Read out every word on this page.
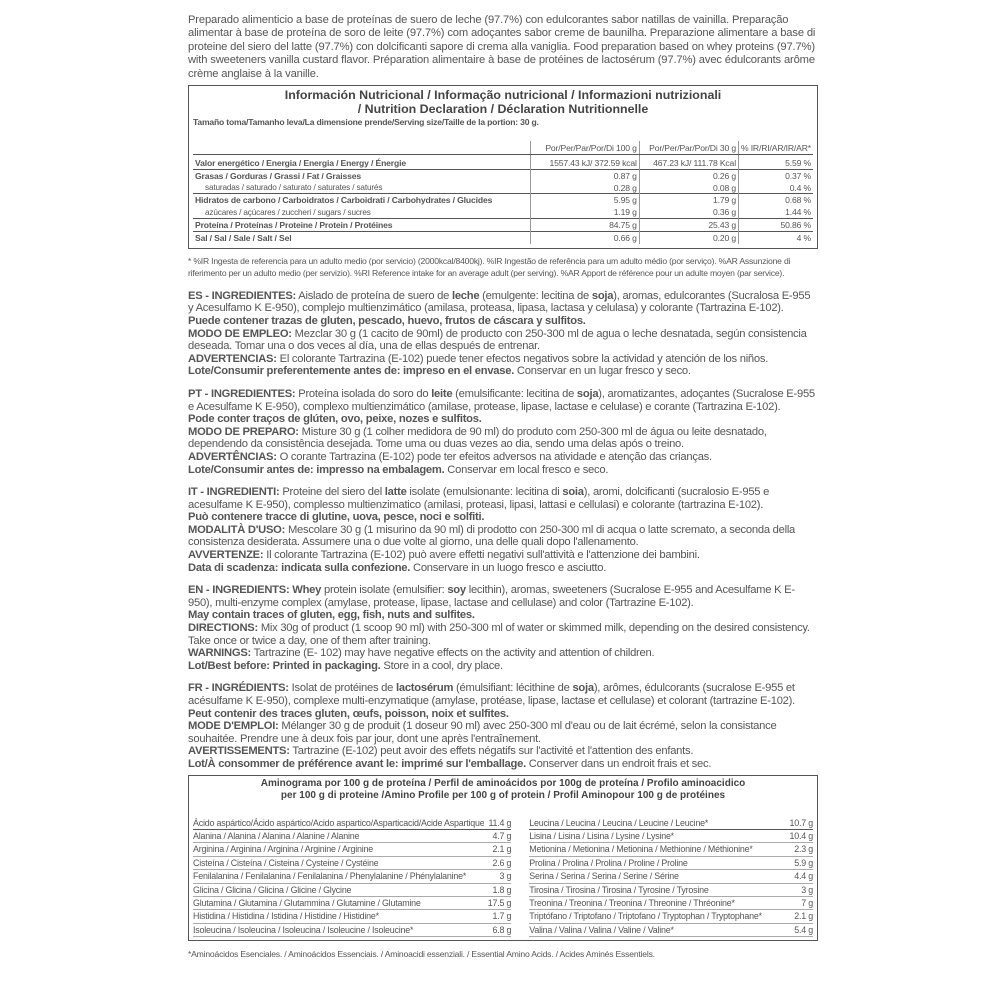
Preparado alimenticio a base de proteínas de suero de leche (97.7%) con edulcorantes sabor natillas de vainilla. Preparação alimentar à base de proteína de soro de leite (97.7%) com adoçantes sabor creme de baunilha. Preparazione alimentare a base di proteine del siero del latte (97.7%) con dolcificanti sapore di crema alla vaniglia. Food preparation based on whey proteins (97.7%) with sweeteners vanilla custard flavor. Préparation alimentaire à base de protéines de lactosérum (97.7%) avec édulcorants arôme crème anglaise à la vanille.

Información Nutricional / Informação nutricional / Informazioni nutrizionali
/ Nutrition Declaration / Déclaration Nutritionnelle
Tamaño toma/Tamanho leva/La dimensione prende/Serving size/Taille de la portion: 30 g.
	Por/Per/Par/Por/Di 100 g	Por/Per/Par/Por/Di 30 g	% IR/RI/AR/IR/AR*
Valor energético / Energia / Energia / Energy / Énergie	1557.43 kJ/ 372.59 kcal	467.23 kJ/ 111.78 Kcal	5.59 %
Grasas / Gorduras / Grassi / Fat / Graisses	0.87 g	0.26 g	0.37 %
saturadas / saturado / saturato / saturates / saturés	0.28 g	0.08 g	0.4 %
Hidratos de carbono / Carboidratos / Carboidrati / Carbohydrates / Glucides	5.95 g	1.79 g	0.68 %
azúcares / açúcares / zuccheri / sugars / sucres	1.19 g	0.36 g	1.44 %
Proteína / Proteínas / Proteine / Protein / Protéines	84.75 g	25.43 g	50.86 %
Sal / Sal / Sale / Salt / Sel	0.66 g	0.20 g	4 %
* %IR Ingesta de referencia para un adulto medio (por servicio) (2000kcal/8400kj). %IR Ingestão de referência para um adulto médio (por serviço). %AR Assunzione di riferimento per un adulto medio (per servizio). %RI Reference intake for an average adult (per serving). %AR Apport de référence pour un adulte moyen (par service).

ES - INGREDIENTES: Aislado de proteína de suero de leche (emulgente: lecitina de soja), aromas, edulcorantes (Sucralosa E-955 y Acesulfamo K E-950), complejo multienzimático (amilasa, proteasa, lipasa, lactasa y celulasa) y colorante (Tartrazina E-102).

Puede contener trazas de gluten, pescado, huevo, frutos de cáscara y sulfitos.

MODO DE EMPLEO: Mezclar 30 g (1 cacito de 90ml) de producto con 250-300 ml de agua o leche desnatada, según consistencia deseada. Tomar una o dos veces al día, una de ellas después de entrenar.

ADVERTENCIAS: El colorante Tartrazina (E-102) puede tener efectos negativos sobre la actividad y atención de los niños.

Lote/Consumir preferentemente antes de: impreso en el envase. Conservar en un lugar fresco y seco.

PT - INGREDIENTES: Proteína isolada do soro do leite (emulsificante: lecitina de soja), aromatizantes, adoçantes (Sucralose E-955 e Acesulfame K E-950), complexo multienzimático (amilase, protease, lipase, lactase e celulase) e corante (Tartrazina E-102).

Pode conter traços de glúten, ovo, peixe, nozes e sulfitos.

MODO DE PREPARO: Misture 30 g (1 colher medidora de 90 ml) do produto com 250-300 ml de água ou leite desnatado, dependendo da consistência desejada. Tome uma ou duas vezes ao dia, sendo uma delas após o treino.

ADVERTÊNCIAS: O corante Tartrazina (E-102) pode ter efeitos adversos na atividade e atenção das crianças.

Lote/Consumir antes de: impresso na embalagem. Conservar em local fresco e seco.

IT - INGREDIENTI: Proteine del siero del latte isolate (emulsionante: lecitina di soia), aromi, dolcificanti (sucralosio E-955 e acesulfame K E-950), complesso multienzimatico (amilasi, proteasi, lipasi, lattasi e cellulasi) e colorante (tartrazina E-102).

Può contenere tracce di glutine, uova, pesce, noci e solfiti.

MODALITÀ D'USO: Mescolare 30 g (1 misurino da 90 ml) di prodotto con 250-300 ml di acqua o latte scremato, a seconda della consistenza desiderata. Assumere una o due volte al giorno, una delle quali dopo l'allenamento.

AVVERTENZE: Il colorante Tartrazina (E-102) può avere effetti negativi sull'attività e l'attenzione dei bambini.

Data di scadenza: indicata sulla confezione. Conservare in un luogo fresco e asciutto.

EN - INGREDIENTS: Whey protein isolate (emulsifier: soy lecithin), aromas, sweeteners (Sucralose E-955 and Acesulfame K E-950), multi-enzyme complex (amylase, protease, lipase, lactase and cellulase) and color (Tartrazine E-102).

May contain traces of gluten, egg, fish, nuts and sulfites.

DIRECTIONS: Mix 30g of product (1 scoop 90 ml) with 250-300 ml of water or skimmed milk, depending on the desired consistency. Take once or twice a day, one of them after training.

WARNINGS: Tartrazine (E- 102) may have negative effects on the activity and attention of children.

Lot/Best before: Printed in packaging. Store in a cool, dry place.

FR - INGRÉDIENTS: Isolat de protéines de lactosérum (émulsifiant: lécithine de soja), arômes, édulcorants (sucralose E-955 et acésulfame K E-950), complexe multi-enzymatique (amylase, protéase, lipase, lactase et cellulase) et colorant (tartrazine E-102).

Peut contenir des traces gluten, œufs, poisson, noix et sulfites.

MODE D'EMPLOI: Mélanger 30 g de produit (1 doseur 90 ml) avec 250-300 ml d'eau ou de lait écrémé, selon la consistance souhaitée. Prendre une à deux fois par jour, dont une après l'entraînement.

AVERTISSEMENTS: Tartrazine (E-102) peut avoir des effets négatifs sur l'activité et l'attention des enfants.

Lot/À consommer de préférence avant le: imprimé sur l'emballage. Conserver dans un endroit frais et sec.

Aminograma por 100 g de proteína / Perfil de aminoácidos por 100g de proteína / Profilo aminoacidico
per 100 g di proteine /Amino Profile per 100 g of protein / Profil Aminopour 100 g de protéines
Ácido aspártico/Ácido aspártico/Acido aspartico/Asparticacid/Acide Aspartique 11.4 g
Alanina / Alanina / Alanina / Alanine / Alanine	4.7 g
Arginina / Arginina / Arginina / Arginine / Arginine	2.1 g
Cisteína / Cisteína / Cisteina / Cysteine / Cystéine	2.6 g
Fenilalanina / Fenilalanina / Fenilalanina / Phenylalanine / Phénylalanine*	3 g
Glicina / Glicina / Glicina / Glicine / Glycine	1.8 g
Glutamina / Glutamina / Glutammina / Glutamine / Glutamine	17.5 g
Histidina / Histidina / Istidina / Histidine / Histidine*	1.7 g
Isoleucina / Isoleucina / Isoleucina / Isoleucine / Isoleucine*	6.8 g
Leucina / Leucina / Leucina / Leucine / Leucine*	10.7 g
Lisina / Lisina / Lisina / Lysine / Lysine*	10.4 g
Metionina / Metionina / Metionina / Methionine / Méthionine*	2.3 g
Prolina / Prolina / Prolina / Proline / Proline	5.9 g
Serina / Serina / Serina / Serine / Sérine	4.4 g
Tirosina / Tirosina / Tirosina / Tyrosine / Tyrosine	3 g
Treonina / Treonina / Treonina / Threonine / Thréonine*	7 g
Triptófano / Triptofano / Triptofano / Tryptophan / Tryptophane*	2.1 g
Valina / Valina / Valina / Valine / Valine*	5.4 g
*Aminoácidos Esenciales. / Aminoácidos Essenciais. / Aminoacidi essenziali. / Essential Amino Acids. / Acides Aminés Essentiels.
